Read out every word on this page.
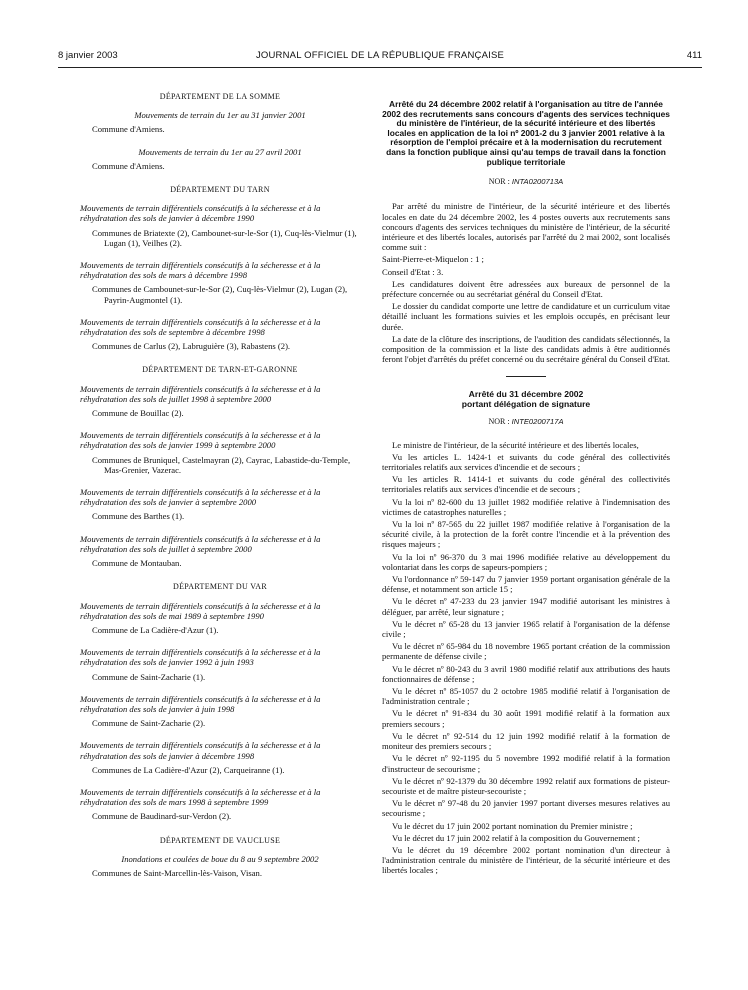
8 janvier 2003	JOURNAL OFFICIEL DE LA RÉPUBLIQUE FRANÇAISE	411
DÉPARTEMENT DE LA SOMME
Mouvements de terrain du 1er au 31 janvier 2001
Commune d'Amiens.
Mouvements de terrain du 1er au 27 avril 2001
Commune d'Amiens.
DÉPARTEMENT DU TARN
Mouvements de terrain différentiels consécutifs à la sécheresse et à la réhydratation des sols de janvier à décembre 1990
Communes de Briatexte (2), Cambounet-sur-le-Sor (1), Cuq-lès-Vielmur (1), Lugan (1), Veilhes (2).
Mouvements de terrain différentiels consécutifs à la sécheresse et à la réhydratation des sols de mars à décembre 1998
Communes de Cambounet-sur-le-Sor (2), Cuq-lès-Vielmur (2), Lugan (2), Payrin-Augmontel (1).
Mouvements de terrain différentiels consécutifs à la sécheresse et à la réhydratation des sols de septembre à décembre 1998
Communes de Carlus (2), Labruguière (3), Rabastens (2).
DÉPARTEMENT DE TARN-ET-GARONNE
Mouvements de terrain différentiels consécutifs à la sécheresse et à la réhydratation des sols de juillet 1998 à septembre 2000
Commune de Bouillac (2).
Mouvements de terrain différentiels consécutifs à la sécheresse et à la réhydratation des sols de janvier 1999 à septembre 2000
Communes de Bruniquel, Castelmayran (2), Cayrac, Labastide-du-Temple, Mas-Grenier, Vazerac.
Mouvements de terrain différentiels consécutifs à la sécheresse et à la réhydratation des sols de janvier à septembre 2000
Commune des Barthes (1).
Mouvements de terrain différentiels consécutifs à la sécheresse et à la réhydratation des sols de juillet à septembre 2000
Commune de Montauban.
DÉPARTEMENT DU VAR
Mouvements de terrain différentiels consécutifs à la sécheresse et à la réhydratation des sols de mai 1989 à septembre 1990
Commune de La Cadière-d'Azur (1).
Mouvements de terrain différentiels consécutifs à la sécheresse et à la réhydratation des sols de janvier 1992 à juin 1993
Commune de Saint-Zacharie (1).
Mouvements de terrain différentiels consécutifs à la sécheresse et à la réhydratation des sols de janvier à juin 1998
Commune de Saint-Zacharie (2).
Mouvements de terrain différentiels consécutifs à la sécheresse et à la réhydratation des sols de janvier à décembre 1998
Communes de La Cadière-d'Azur (2), Carqueiranne (1).
Mouvements de terrain différentiels consécutifs à la sécheresse et à la réhydratation des sols de mars 1998 à septembre 1999
Commune de Baudinard-sur-Verdon (2).
DÉPARTEMENT DE VAUCLUSE
Inondations et coulées de boue du 8 au 9 septembre 2002
Communes de Saint-Marcellin-lès-Vaison, Visan.

Arrêté du 24 décembre 2002 relatif à l'organisation au titre de l'année 2002 des recrutements sans concours d'agents des services techniques du ministère de l'intérieur, de la sécurité intérieure et des libertés locales en application de la loi nº 2001-2 du 3 janvier 2001 relative à la résorption de l'emploi précaire et à la modernisation du recrutement dans la fonction publique ainsi qu'au temps de travail dans la fonction publique territoriale

NOR : INTA0200713A

Par arrêté du ministre de l'intérieur, de la sécurité intérieure et des libertés locales en date du 24 décembre 2002, les 4 postes ouverts aux recrutements sans concours d'agents des services techniques du ministère de l'intérieur, de la sécurité intérieure et des libertés locales, autorisés par l'arrêté du 2 mai 2002, sont localisés comme suit :

Saint-Pierre-et-Miquelon : 1 ;

Conseil d'Etat : 3.

Les candidatures doivent être adressées aux bureaux de personnel de la préfecture concernée ou au secrétariat général du Conseil d'Etat.

Le dossier du candidat comporte une lettre de candidature et un curriculum vitae détaillé incluant les formations suivies et les emplois occupés, en précisant leur durée.

La date de la clôture des inscriptions, de l'audition des candidats sélectionnés, la composition de la commission et la liste des candidats admis à être auditionnés feront l'objet d'arrêtés du préfet concerné ou du secrétaire général du Conseil d'Etat.

Arrêté du 31 décembre 2002

portant délégation de signature

NOR : INTE0200717A

Le ministre de l'intérieur, de la sécurité intérieure et des libertés locales,

Vu les articles L. 1424-1 et suivants du code général des collectivités territoriales relatifs aux services d'incendie et de secours ;

Vu les articles R. 1414-1 et suivants du code général des collectivités territoriales relatifs aux services d'incendie et de secours ;

Vu la loi nº 82-600 du 13 juillet 1982 modifiée relative à l'indemnisation des victimes de catastrophes naturelles ;

Vu la loi nº 87-565 du 22 juillet 1987 modifiée relative à l'organisation de la sécurité civile, à la protection de la forêt contre l'incendie et à la prévention des risques majeurs ;

Vu la loi nº 96-370 du 3 mai 1996 modifiée relative au développement du volontariat dans les corps de sapeurs-pompiers ;

Vu l'ordonnance nº 59-147 du 7 janvier 1959 portant organisation générale de la défense, et notamment son article 15 ;

Vu le décret nº 47-233 du 23 janvier 1947 modifié autorisant les ministres à déléguer, par arrêté, leur signature ;

Vu le décret nº 65-28 du 13 janvier 1965 relatif à l'organisation de la défense civile ;

Vu le décret nº 65-984 du 18 novembre 1965 portant création de la commission permanente de défense civile ;

Vu le décret nº 80-243 du 3 avril 1980 modifié relatif aux attributions des hauts fonctionnaires de défense ;

Vu le décret nº 85-1057 du 2 octobre 1985 modifié relatif à l'organisation de l'administration centrale ;

Vu le décret nº 91-834 du 30 août 1991 modifié relatif à la formation aux premiers secours ;

Vu le décret nº 92-514 du 12 juin 1992 modifié relatif à la formation de moniteur des premiers secours ;

Vu le décret nº 92-1195 du 5 novembre 1992 modifié relatif à la formation d'instructeur de secourisme ;

Vu le décret nº 92-1379 du 30 décembre 1992 relatif aux formations de pisteur-secouriste et de maître pisteur-secouriste ;

Vu le décret nº 97-48 du 20 janvier 1997 portant diverses mesures relatives au secourisme ;

Vu le décret du 17 juin 2002 portant nomination du Premier ministre ;

Vu le décret du 17 juin 2002 relatif à la composition du Gouvernement ;

Vu le décret du 19 décembre 2002 portant nomination d'un directeur à l'administration centrale du ministère de l'intérieur, de la sécurité intérieure et des libertés locales ;
